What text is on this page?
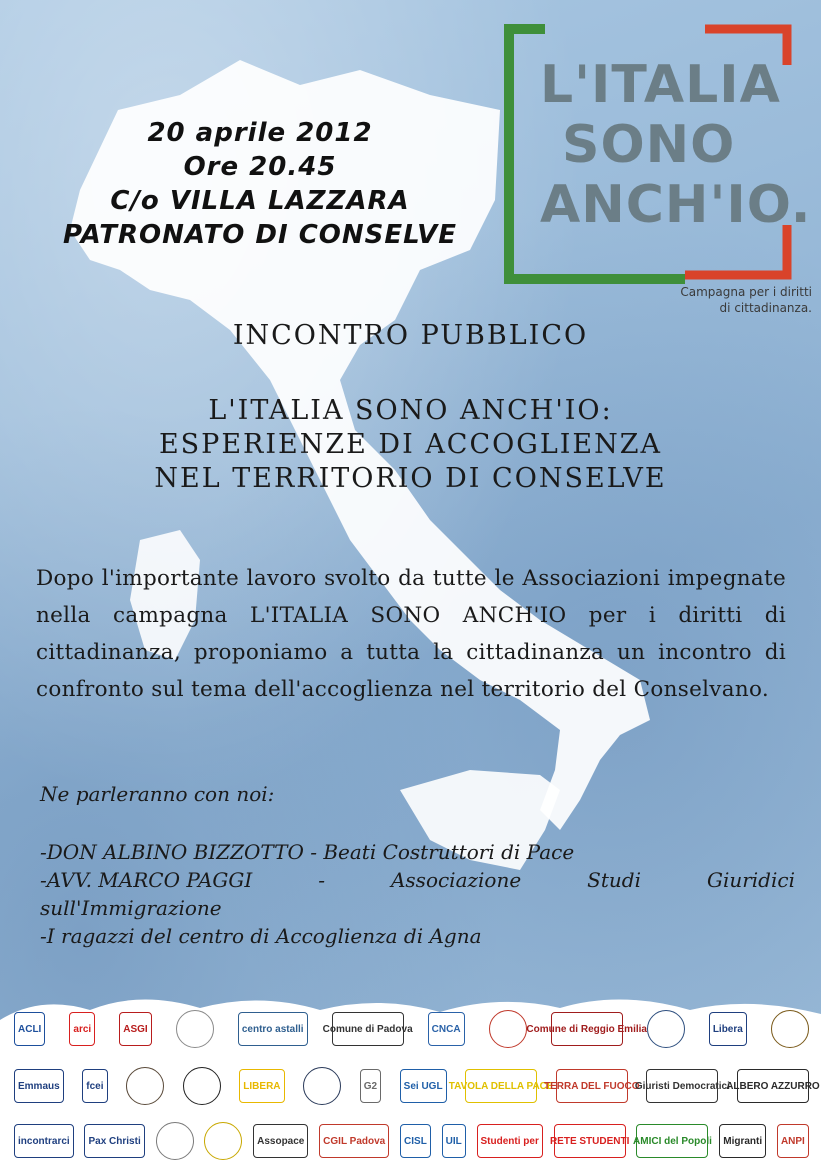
20 aprile 2012
Ore 20.45
C/o VILLA LAZZARA
PATRONATO DI CONSELVE
L'ITALIA
SONO
ANCH'IO.
Campagna per i diritti
di cittadinanza.
INCONTRO PUBBLICO
L'ITALIA SONO ANCH'IO:
ESPERIENZE DI ACCOGLIENZA
NEL TERRITORIO DI CONSELVE

Dopo l'importante lavoro svolto da tutte le Associazioni impegnate nella campagna L'ITALIA SONO ANCH'IO per i diritti di cittadinanza, proponiamo a tutta la cittadinanza un incontro di confronto sul tema dell'accoglienza nel territorio del Conselvano.

Ne parleranno con noi:
-DON ALBINO BIZZOTTO - Beati Costruttori di Pace
-AVV. MARCO PAGGI	-	Associazione	Studi	Giuridici
sull'Immigrazione
-I ragazzi del centro di Accoglienza di Agna
ACLI	arci	ASGI	centro astalli	Comune di Padova	CNCA	Comune di Reggio Emilia	Libera
Emmaus	fcei	LIBERA	G2	Sei UGL TAVOLA DELLA PACE
TERRA DEL FUOCO
Giuristi Democratici
ALBERO AZZURRO
incontrarci	Pax Christi	Assopace	CGIL Padova	CISL	UIL	Studenti per	RETE STUDENTI AMICI del Popoli	Migranti	ANPI
